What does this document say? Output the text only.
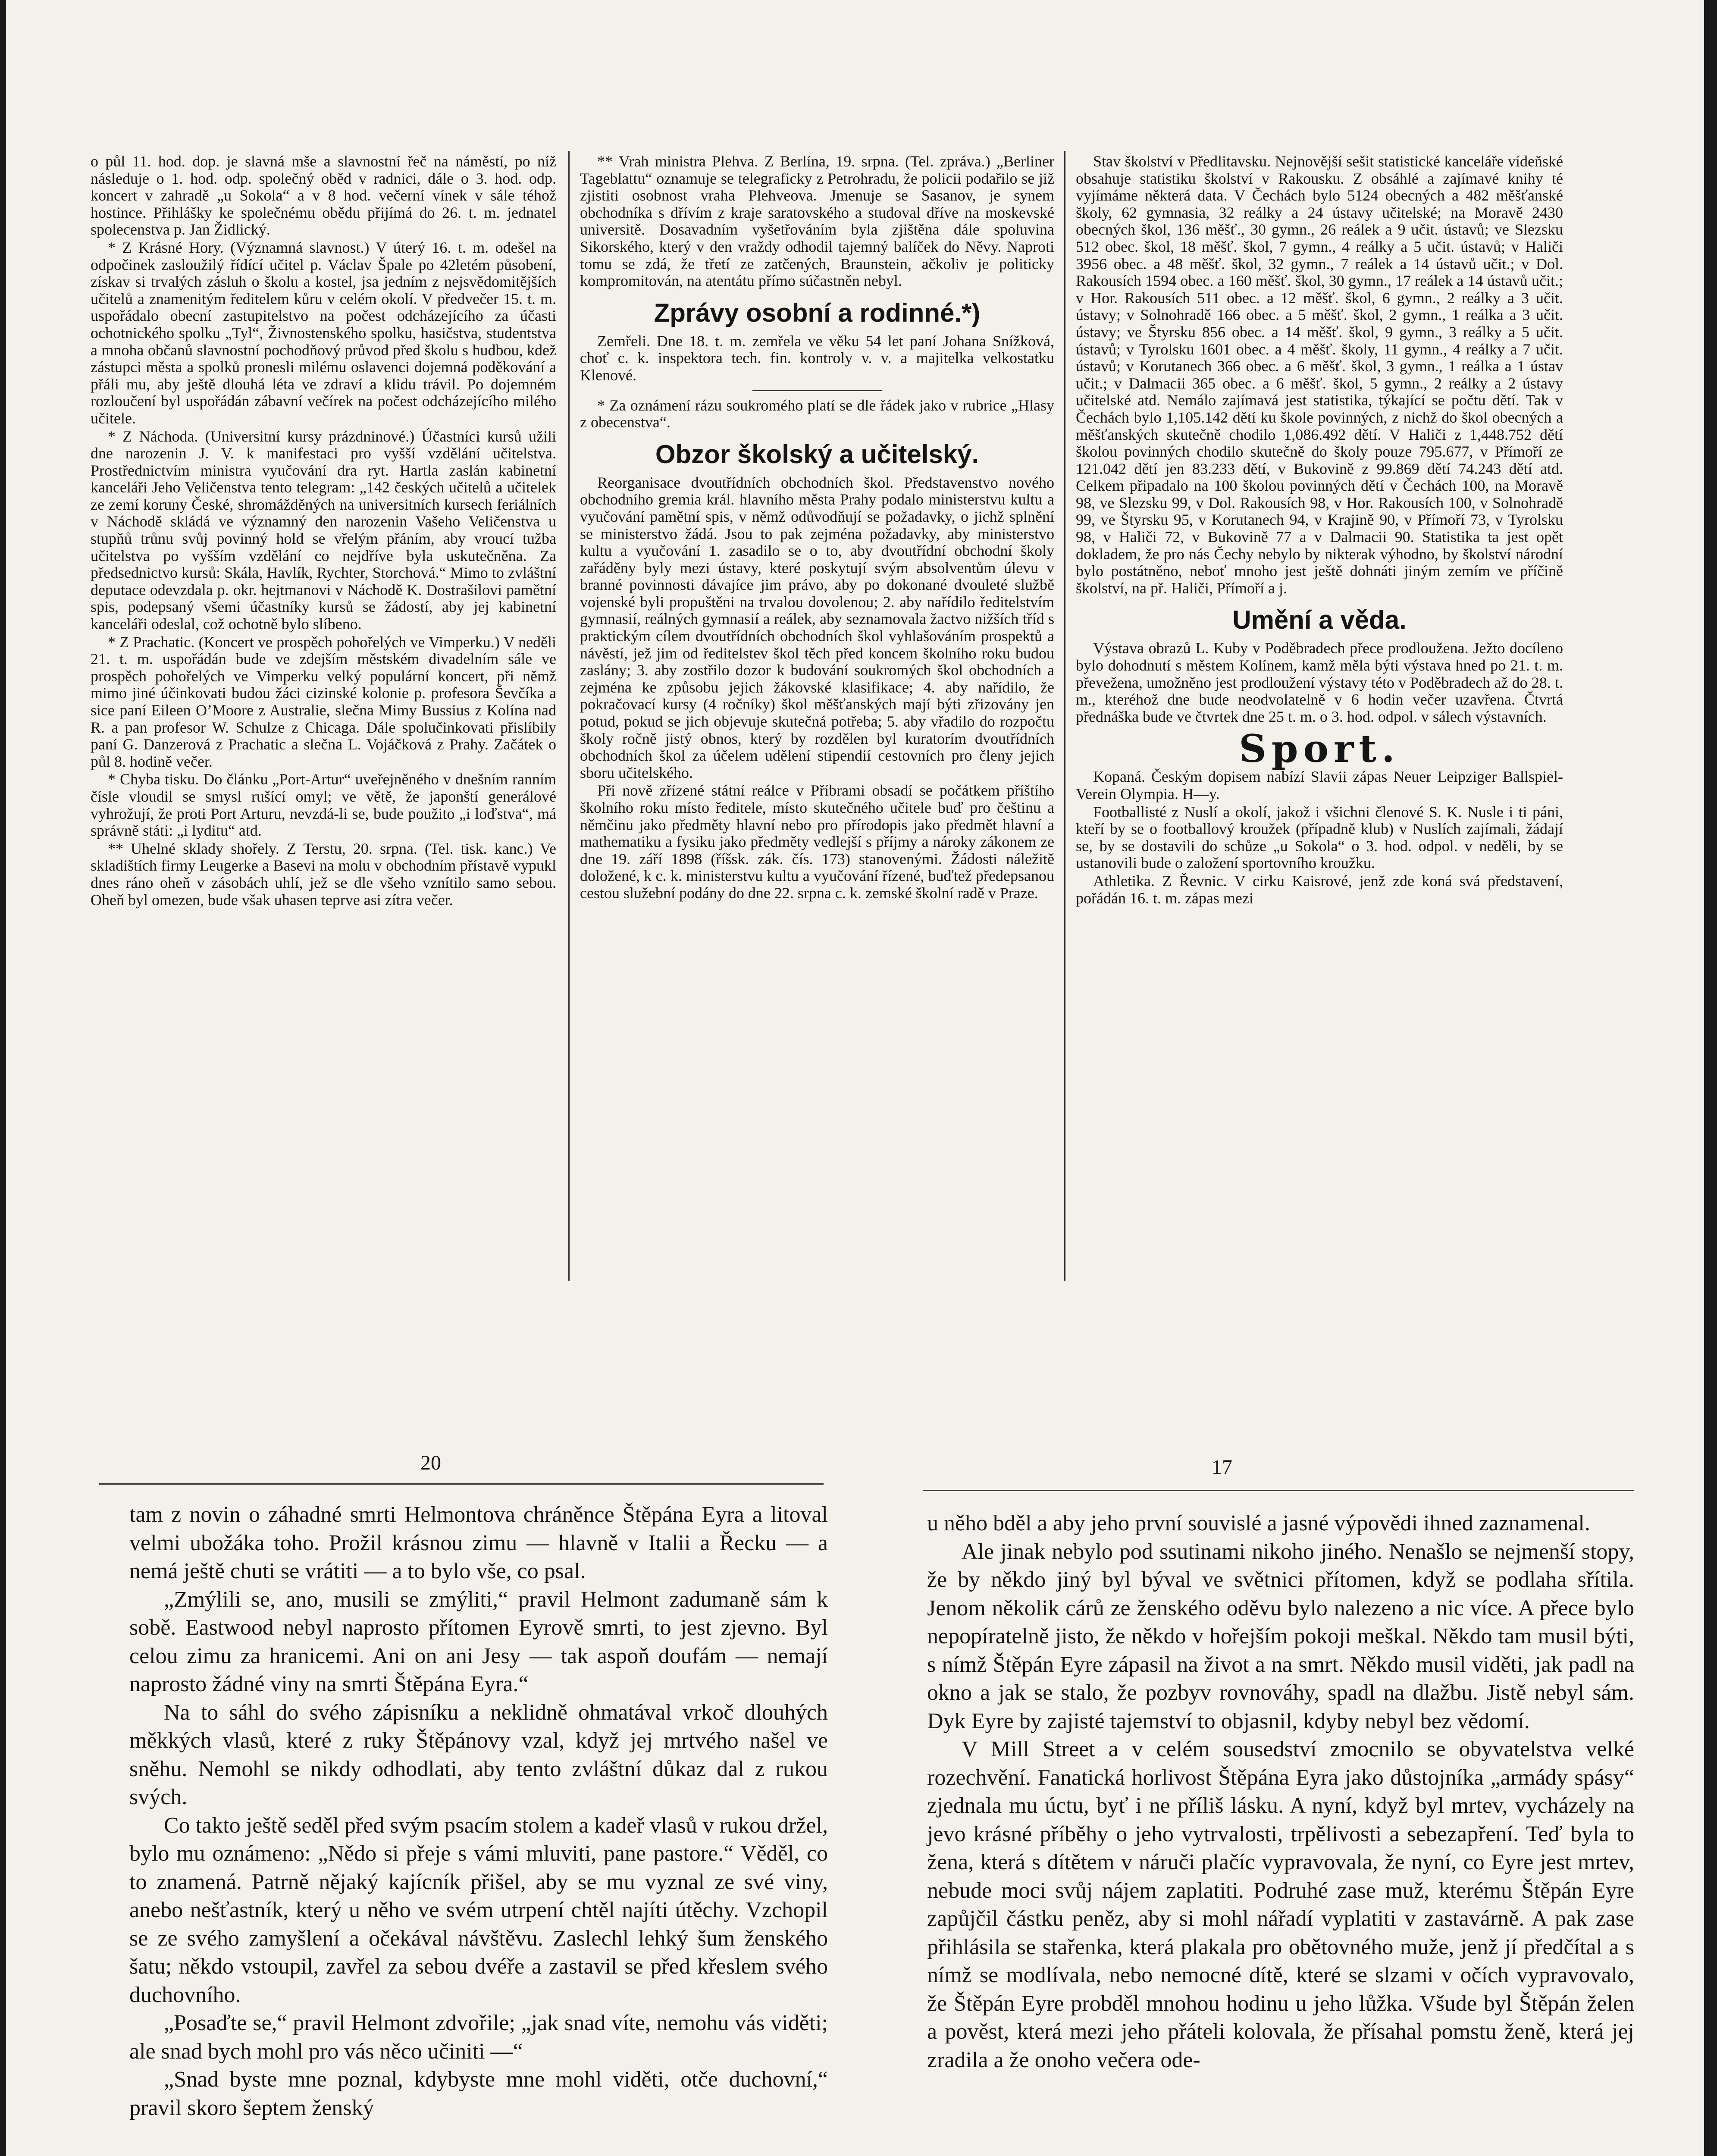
o půl 11. hod. dop. je slavná mše a slavnostní řeč na náměstí, po níž následuje o 1. hod. odp. společný oběd v radnici, dále o 3. hod. odp. koncert v zahradě „u Sokola“ a v 8 hod. večerní vínek v sále téhož hostince. Přihlášky ke společnému obědu přijímá do 26. t. m. jednatel spolecenstva p. Jan Židlický.

* Z Krásné Hory. (Významná slavnost.) V úterý 16. t. m. odešel na odpočinek zasloužilý řídící učitel p. Václav Špale po 42letém působení, získav si trvalých zásluh o školu a kostel, jsa jedním z nejsvědomitějších učitelů a znamenitým ředitelem kůru v celém okolí. V předvečer 15. t. m. uspořádalo obecní zastupitelstvo na počest odcházejícího za účasti ochotnického spolku „Tyl“, Živnostenského spolku, hasičstva, studentstva a mnoha občanů slavnostní pochodňový průvod před školu s hudbou, kdež zástupci města a spolků pronesli milému oslavenci dojemná poděkování a přáli mu, aby ještě dlouhá léta ve zdraví a klidu trávil. Po dojemném rozloučení byl uspořádán zábavní večírek na počest odcházejícího milého učitele.

* Z Náchoda. (Universitní kursy prázdninové.) Účastníci kursů užili dne narozenin J. V. k manifestaci pro vyšší vzdělání učitelstva. Prostřednictvím ministra vyučování dra ryt. Hartla zaslán kabinetní kanceláři Jeho Veličenstva tento telegram: „142 českých učitelů a učitelek ze zemí koruny České, shromážděných na universitních kursech feriálních v Náchodě skládá ve významný den narozenin Vašeho Veličenstva u stupňů trůnu svůj povinný hold se vřelým přáním, aby vroucí tužba učitelstva po vyšším vzdělání co nejdříve byla uskutečněna. Za předsednictvo kursů: Skála, Havlík, Rychter, Storchová.“ Mimo to zvláštní deputace odevzdala p. okr. hejtmanovi v Náchodě K. Dostrašilovi pamětní spis, podepsaný všemi účastníky kursů se žádostí, aby jej kabinetní kanceláři odeslal, což ochotně bylo slíbeno.

* Z Prachatic. (Koncert ve prospěch pohořelých ve Vimperku.) V neděli 21. t. m. uspořádán bude ve zdejším městském divadelním sále ve prospěch pohořelých ve Vimperku velký populární koncert, při němž mimo jiné účinkovati budou žáci cizinské kolonie p. profesora Ševčíka a sice paní Eileen O’Moore z Australie, slečna Mimy Bussius z Kolína nad R. a pan profesor W. Schulze z Chicaga. Dále spolučinkovati přislíbily paní G. Danzerová z Prachatic a slečna L. Vojáčková z Prahy. Začátek o půl 8. hodině večer.

* Chyba tisku. Do článku „Port-Artur“ uveřejněného v dnešním ranním čísle vloudil se smysl rušící omyl; ve větě, že japonští generálové vyhrožují, že proti Port Arturu, nevzdá-li se, bude použito „i loďstva“, má správně státi: „i lyditu“ atd.

** Uhelné sklady shořely. Z Terstu, 20. srpna. (Tel. tisk. kanc.) Ve skladištích firmy Leugerke a Basevi na molu v obchodním přístavě vypukl dnes ráno oheň v zásobách uhlí, jež se dle všeho vznítilo samo sebou. Oheň byl omezen, bude však uhasen teprve asi zítra večer.

** Vrah ministra Plehva. Z Berlína, 19. srpna. (Tel. zpráva.) „Berliner Tageblattu“ oznamuje se telegraficky z Petrohradu, že policii podařilo se již zjistiti osobnost vraha Plehveova. Jmenuje se Sasanov, je synem obchodníka s dřívím z kraje saratovského a studoval dříve na moskevské universitě. Dosavadním vyšetřováním byla zjištěna dále spoluvina Sikorského, který v den vraždy odhodil tajemný balíček do Něvy. Naproti tomu se zdá, že třetí ze zatčených, Braunstein, ačkoliv je politicky kompromitován, na atentátu přímo súčastněn nebyl.

Zprávy osobní a rodinné.*)

Zemřeli. Dne 18. t. m. zemřela ve věku 54 let paní Johana Snížková, choť c. k. inspektora tech. fin. kontroly v. v. a majitelka velkostatku Klenové.

* Za oznámení rázu soukromého platí se dle řádek jako v rubrice „Hlasy z obecenstva“.

Obzor školský a učitelský.

Reorganisace dvoutřídních obchodních škol. Představenstvo nového obchodního gremia král. hlavního města Prahy podalo ministerstvu kultu a vyučování pamětní spis, v němž odůvodňují se požadavky, o jichž splnění se ministerstvo žádá. Jsou to pak zejména požadavky, aby ministerstvo kultu a vyučování 1. zasadilo se o to, aby dvoutřídní obchodní školy zařáděny byly mezi ústavy, které poskytují svým absolventům úlevu v branné povinnosti dávajíce jim právo, aby po dokonané dvouleté službě vojenské byli propuštěni na trvalou dovolenou; 2. aby nařídilo ředitelstvím gymnasií, reálných gymnasií a reálek, aby seznamovala žactvo nižších tříd s praktickým cílem dvoutřídních obchodních škol vyhlašováním prospektů a návěstí, jež jim od ředitelstev škol těch před koncem školního roku budou zaslány; 3. aby zostřilo dozor k budování soukromých škol obchodních a zejména ke způsobu jejich žákovské klasifikace; 4. aby nařídilo, že pokračovací kursy (4 ročníky) škol měšťanských mají býti zřizovány jen potud, pokud se jich objevuje skutečná potřeba; 5. aby vřadilo do rozpočtu školy ročně jistý obnos, který by rozdělen byl kuratorím dvoutřídních obchodních škol za účelem udělení stipendií cestovních pro členy jejich sboru učitelského.

Při nově zřízené státní reálce v Příbrami obsadí se počátkem příštího školního roku místo ředitele, místo skutečného učitele buď pro češtinu a němčinu jako předměty hlavní nebo pro přírodopis jako předmět hlavní a mathematiku a fysiku jako předměty vedlejší s příjmy a nároky zákonem ze dne 19. září 1898 (říšsk. zák. čís. 173) stanovenými. Žádosti náležitě doložené, k c. k. ministerstvu kultu a vyučování řízené, buďtež předepsanou cestou služební podány do dne 22. srpna c. k. zemské školní radě v Praze.

Stav školství v Předlitavsku. Nejnovější sešit statistické kanceláře vídeňské obsahuje statistiku školství v Rakousku. Z obsáhlé a zajímavé knihy té vyjímáme některá data. V Čechách bylo 5124 obecných a 482 měšťanské školy, 62 gymnasia, 32 reálky a 24 ústavy učitelské; na Moravě 2430 obecných škol, 136 měšť., 30 gymn., 26 reálek a 9 učit. ústavů; ve Slezsku 512 obec. škol, 18 měšť. škol, 7 gymn., 4 reálky a 5 učit. ústavů; v Haliči 3956 obec. a 48 měšť. škol, 32 gymn., 7 reálek a 14 ústavů učit.; v Dol. Rakousích 1594 obec. a 160 měšť. škol, 30 gymn., 17 reálek a 14 ústavů učit.; v Hor. Rakousích 511 obec. a 12 měšť. škol, 6 gymn., 2 reálky a 3 učit. ústavy; v Solnohradě 166 obec. a 5 měšť. škol, 2 gymn., 1 reálka a 3 učit. ústavy; ve Štyrsku 856 obec. a 14 měšť. škol, 9 gymn., 3 reálky a 5 učit. ústavů; v Tyrolsku 1601 obec. a 4 měšť. školy, 11 gymn., 4 reálky a 7 učit. ústavů; v Korutanech 366 obec. a 6 měšť. škol, 3 gymn., 1 reálka a 1 ústav učit.; v Dalmacii 365 obec. a 6 měšť. škol, 5 gymn., 2 reálky a 2 ústavy učitelské atd. Nemálo zajímavá jest statistika, týkající se počtu dětí. Tak v Čechách bylo 1,105.142 dětí ku škole povinných, z nichž do škol obecných a měšťanských skutečně chodilo 1,086.492 dětí. V Haliči z 1,448.752 dětí školou povinných chodilo skutečně do školy pouze 795.677, v Přímoří ze 121.042 dětí jen 83.233 dětí, v Bukovině z 99.869 dětí 74.243 dětí atd. Celkem připadalo na 100 školou povinných dětí v Čechách 100, na Moravě 98, ve Slezsku 99, v Dol. Rakousích 98, v Hor. Rakousích 100, v Solnohradě 99, ve Štyrsku 95, v Korutanech 94, v Krajině 90, v Přímoří 73, v Tyrolsku 98, v Haliči 72, v Bukovině 77 a v Dalmacii 90. Statistika ta jest opět dokladem, že pro nás Čechy nebylo by nikterak výhodno, by školství národní bylo postátněno, neboť mnoho jest ještě dohnáti jiným zemím ve příčině školství, na př. Haliči, Přímoří a j.

Umění a věda.

Výstava obrazů L. Kuby v Poděbradech přece prodloužena. Ježto docíleno bylo dohodnutí s městem Kolínem, kamž měla býti výstava hned po 21. t. m. převežena, umožněno jest prodloužení výstavy této v Poděbradech až do 28. t. m., kteréhož dne bude neodvolatelně v 6 hodin večer uzavřena. Čtvrtá přednáška bude ve čtvrtek dne 25 t. m. o 3. hod. odpol. v sálech výstavních.

Sport.

Kopaná. Českým dopisem nabízí Slavii zápas Neuer Leipziger Ballspiel-Verein Olympia. H—y.

Footballisté z Nuslí a okolí, jakož i všichni členové S. K. Nusle i ti páni, kteří by se o footballový kroužek (případně klub) v Nuslích zajímali, žádají se, by se dostavili do schůze „u Sokola“ o 3. hod. odpol. v neděli, by se ustanovili bude o založení sportovního kroužku.

Athletika. Z Řevnic. V cirku Kaisrové, jenž zde koná svá představení, pořádán 16. t. m. zápas mezi

20	17

tam z novin o záhadné smrti Helmontova chráněnce Štěpána Eyra a litoval velmi ubožáka toho. Prožil krásnou zimu — hlavně v Italii a Řecku — a nemá ještě chuti se vrátiti — a to bylo vše, co psal.

„Zmýlili se, ano, musili se zmýliti,“ pravil Helmont zadumaně sám k sobě. Eastwood nebyl naprosto přítomen Eyrově smrti, to jest zjevno. Byl celou zimu za hranicemi. Ani on ani Jesy — tak aspoň doufám — nemají naprosto žádné viny na smrti Štěpána Eyra.“

Na to sáhl do svého zápisníku a neklidně ohmatával vrkoč dlouhých měkkých vlasů, které z ruky Štěpánovy vzal, když jej mrtvého našel ve sněhu. Nemohl se nikdy odhodlati, aby tento zvláštní důkaz dal z rukou svých.

Co takto ještě seděl před svým psacím stolem a kadeř vlasů v rukou držel, bylo mu oznámeno: „Nědo si přeje s vámi mluviti, pane pastore.“ Věděl, co to znamená. Patrně nějaký kajícník přišel, aby se mu vyznal ze své viny, anebo nešťastník, který u něho ve svém utrpení chtěl najíti útěchy. Vzchopil se ze svého zamyšlení a očekával návštěvu. Zaslechl lehký šum ženského šatu; někdo vstoupil, zavřel za sebou dvéře a zastavil se před křeslem svého duchovního.

„Posaďte se,“ pravil Helmont zdvořile; „jak snad víte, nemohu vás viděti; ale snad bych mohl pro vás něco učiniti —“

„Snad byste mne poznal, kdybyste mne mohl viděti, otče duchovní,“ pravil skoro šeptem ženský

u něho bděl a aby jeho první souvislé a jasné výpovědi ihned zaznamenal.

Ale jinak nebylo pod ssutinami nikoho jiného. Nenašlo se nejmenší stopy, že by někdo jiný byl býval ve světnici přítomen, když se podlaha sřítila. Jenom několik cárů ze ženského oděvu bylo nalezeno a nic více. A přece bylo nepopíratelně jisto, že někdo v hořejším pokoji meškal. Někdo tam musil býti, s nímž Štěpán Eyre zápasil na život a na smrt. Někdo musil viděti, jak padl na okno a jak se stalo, že pozbyv rovnováhy, spadl na dlažbu. Jistě nebyl sám. Dyk Eyre by zajisté tajemství to objasnil, kdyby nebyl bez vědomí.

V Mill Street a v celém sousedství zmocnilo se obyvatelstva velké rozechvění. Fanatická horlivost Štěpána Eyra jako důstojníka „armády spásy“ zjednala mu úctu, byť i ne příliš lásku. A nyní, když byl mrtev, vycházely na jevo krásné příběhy o jeho vytrvalosti, trpělivosti a sebezapření. Teď byla to žena, která s dítětem v náruči plačíc vypravovala, že nyní, co Eyre jest mrtev, nebude moci svůj nájem zaplatiti. Podruhé zase muž, kterému Štěpán Eyre zapůjčil částku peněz, aby si mohl nářadí vyplatiti v zastavárně. A pak zase přihlásila se stařenka, která plakala pro obětovného muže, jenž jí předčítal a s nímž se modlívala, nebo nemocné dítě, které se slzami v očích vypravovalo, že Štěpán Eyre probděl mnohou hodinu u jeho lůžka. Všude byl Štěpán želen a pověst, která mezi jeho přáteli kolovala, že přísahal pomstu ženě, která jej zradila a že onoho večera ode-
